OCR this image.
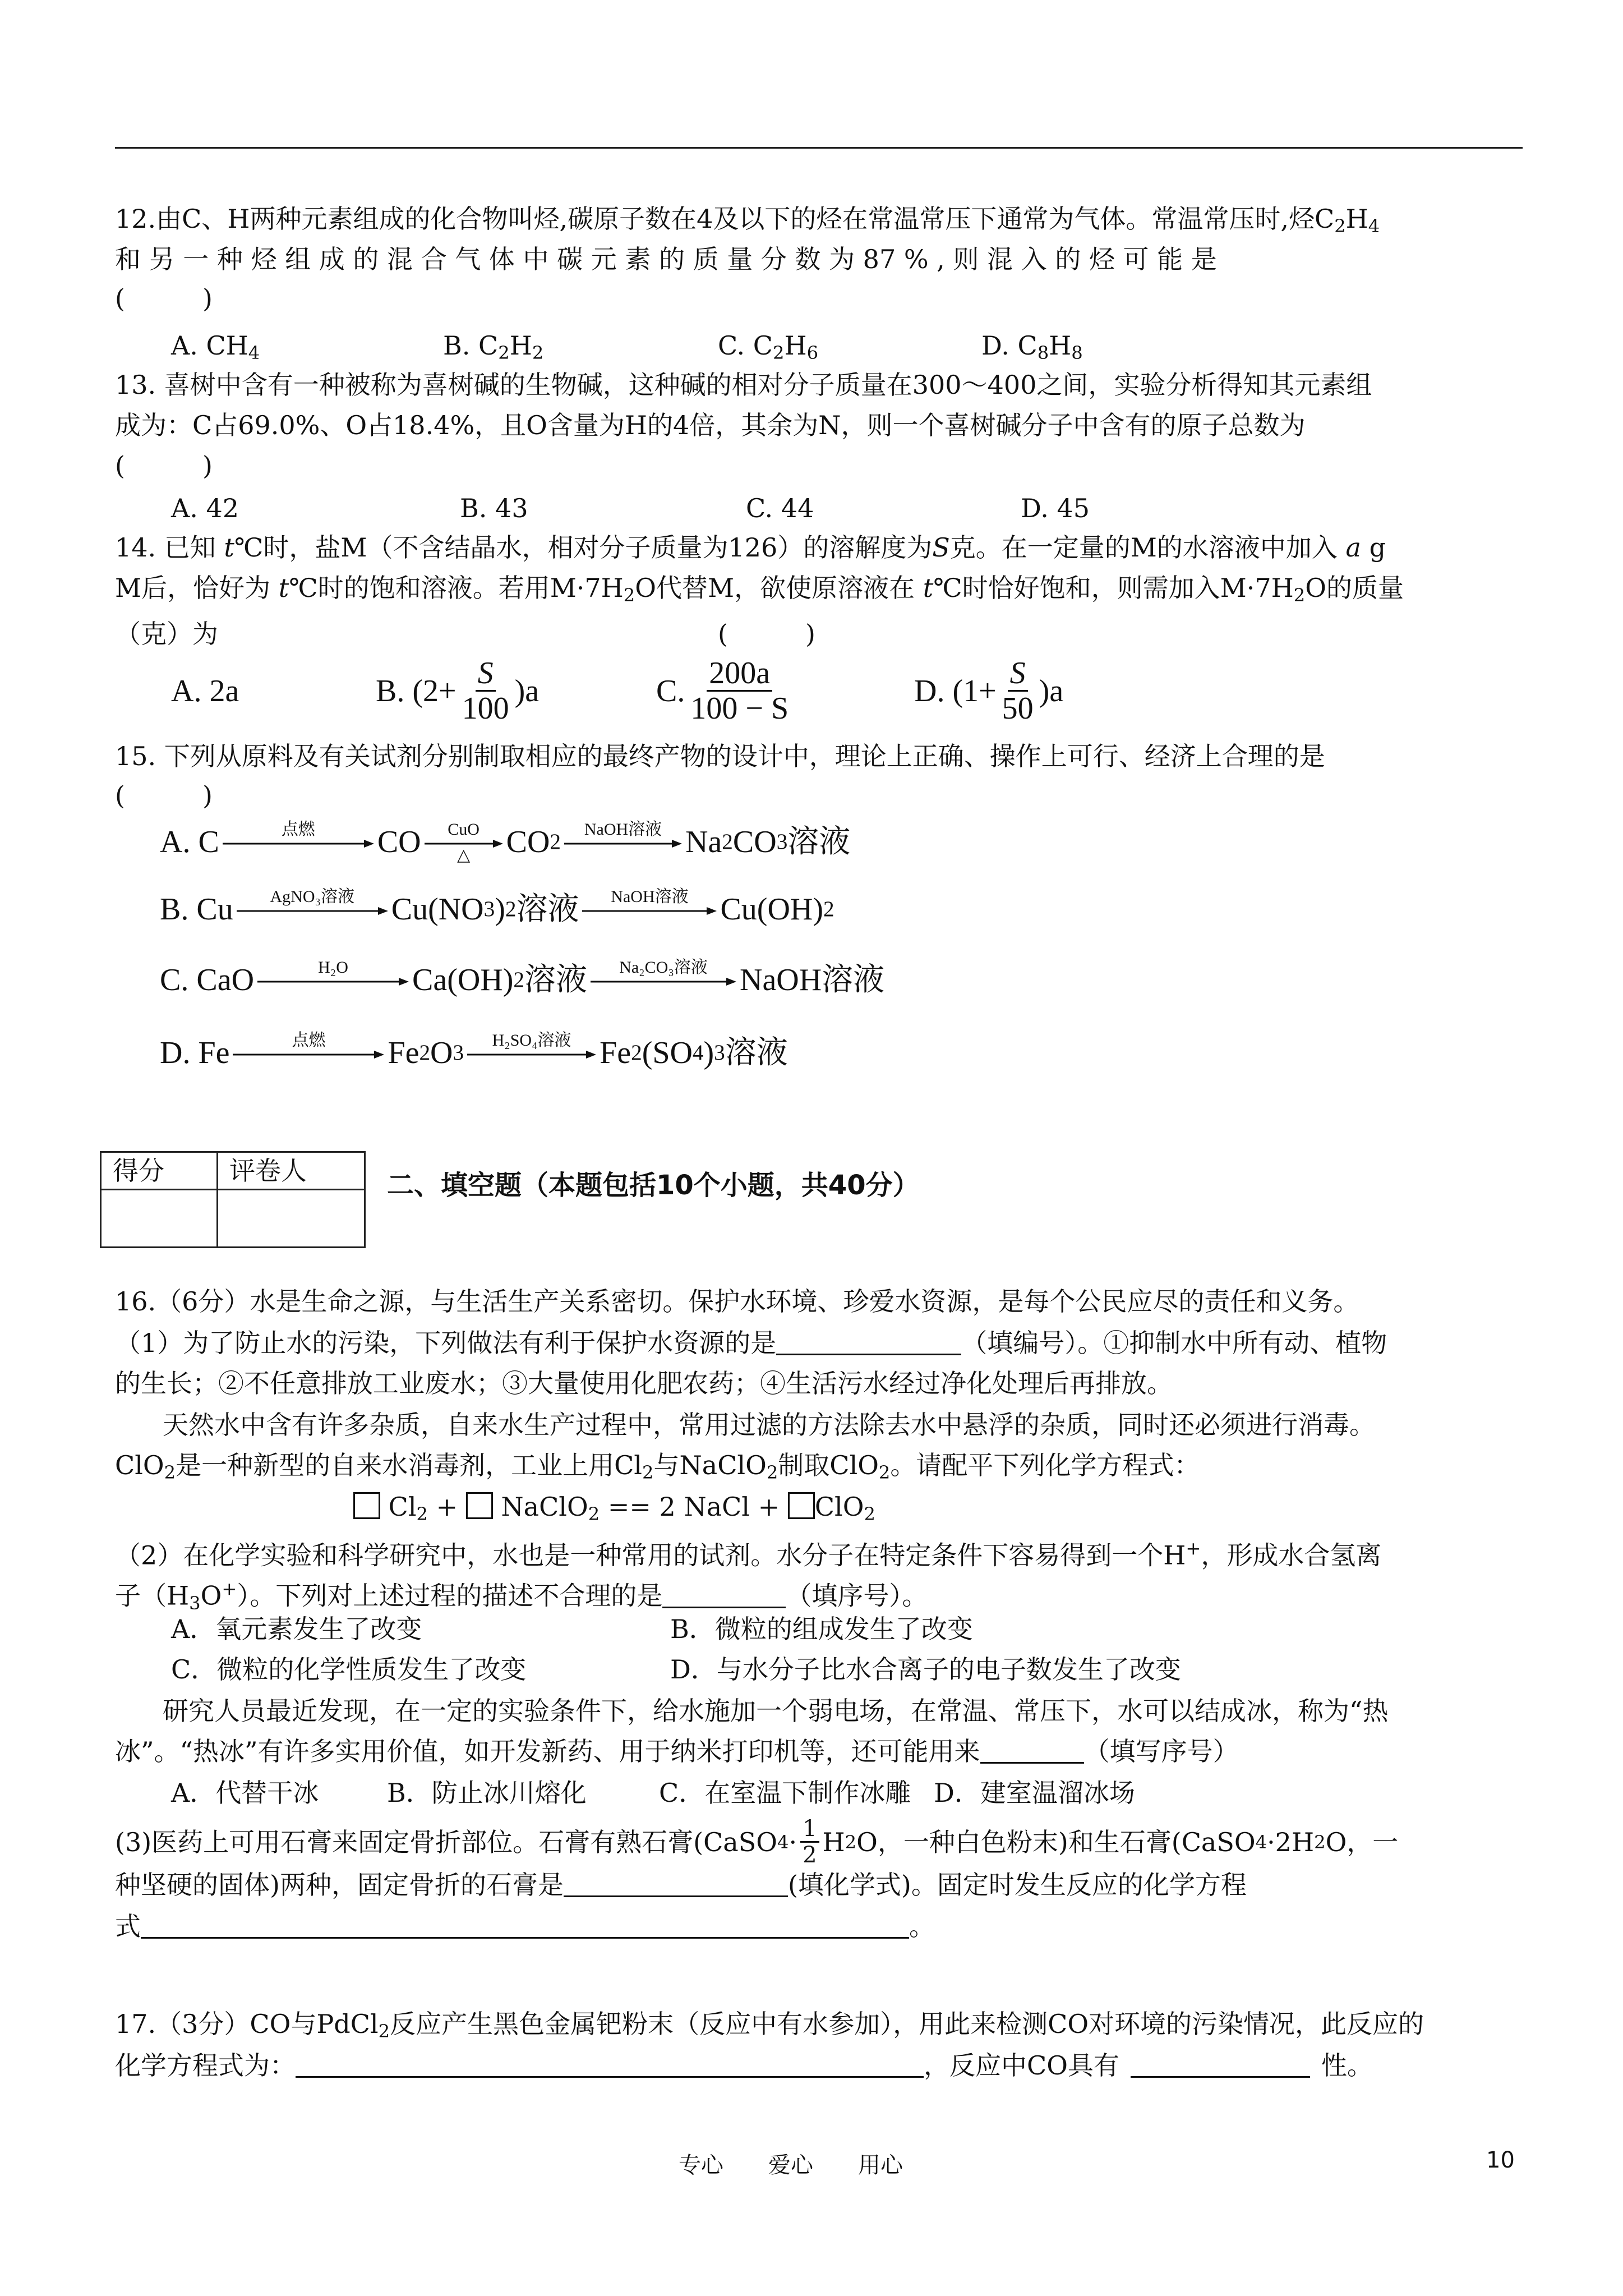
12.由C、H两种元素组成的化合物叫烃,碳原子数在4及以下的烃在常温常压下通常为气体。常温常压时,烃$C_2H_4$
和 另 一 种 烃 组 成 的 混 合 气 体 中 碳 元 素 的 质 量 分 数 为 87 % , 则 混 入 的 烃 可 能 是
(　　　)
A. $CH_4$	B. $C_2H_2$	C. $C_2H_6$	D. $C_8H_8$
13. 喜树中含有一种被称为喜树碱的生物碱，这种碱的相对分子质量在300～400之间，实验分析得知其元素组
成为：C占69.0%、O占18.4%，且O含量为H的4倍，其余为N，则一个喜树碱分子中含有的原子总数为
(　　　)
A. 42	B. 43	C. 44	D. 45
14. 已知 t℃时，盐M（不含结晶水，相对分子质量为126）的溶解度为S克。在一定量的M的水溶液中加入 a g
M后，恰好为 t℃时的饱和溶液。若用$M\cdot 7H_2O$代替M，欲使原溶液在 t℃时恰好饱和，则需加入$M\cdot 7H_2O$的质量
（克）为	(　　　)
A. 2a	B. $(2+ \frac{S}{100} )a$	C. $\frac{200a}{100 - S}$	D. $(1+ \frac{S}{50} )a$
15. 下列从原料及有关试剂分别制取相应的最终产物的设计中，理论上正确、操作上可行、经济上合理的是
(　　　)
A.
C	点燃	CO	CuO
△	CO 2
NaOH溶液 Na 2 CO 3 溶液
B.
Cu	AgNO₃溶液	Cu(NO 3 ) 2 溶液	NaOH溶液	Cu(OH) 2
C.
CaO	H₂O	Ca(OH) 2 溶液	Na₂CO₃溶液	NaOH溶液
D.
Fe	点燃	Fe 2 O 3
H₂SO₄溶液 Fe 2 (SO 4 ) 3 溶液
得分	评卷人
		二、填空题（本题包括10个小题，共40分）
16.（6分）水是生命之源，与生活生产关系密切。保护水环境、珍爱水资源，是每个公民应尽的责任和义务。
（1）为了防止水的污染，下列做法有利于保护水资源的是	（填编号）。①抑制水中所有动、植物
的生长；②不任意排放工业废水；③大量使用化肥农药；④生活污水经过净化处理后再排放。
天然水中含有许多杂质，自来水生产过程中，常用过滤的方法除去水中悬浮的杂质，同时还必须进行消毒。
ClO$_2$是一种新型的自来水消毒剂，工业上用$Cl_2$与NaClO$_2$制取ClO$_2$。请配平下列化学方程式：
$Cl_2$ +  NaClO$_2$ == 2 NaCl + ClO$_2$
（2）在化学实验和科学研究中，水也是一种常用的试剂。水分子在特定条件下容易得到一个H+，形成水合氢离
子$(H_3O^+)$。下列对上述过程的描述不合理的是	（填序号）。
A．氧元素发生了改变	B．微粒的组成发生了改变
C．微粒的化学性质发生了改变	D．与水分子比水合离子的电子数发生了改变
研究人员最近发现，在一定的实验条件下，给水施加一个弱电场，在常温、常压下，水可以结成冰，称为“热
冰”。“热冰”有许多实用价值，如开发新药、用于纳米打印机等，还可能用来	（填写序号）
A．代替干冰	B．防止冰川熔化	C．在室温下制作冰雕 D．建室温溜冰场
(3)医药上可用石膏来固定骨折部位。石膏有熟石膏(CaSO $4 \cdot \frac{1}{2}$ H 2 O，一种白色粉末)和生石膏(CaSO 4 ·2H 2 O，一
种坚硬的固体)两种，固定骨折的石膏是	(填化学式)。固定时发生反应的化学方程
式	。
17.（3分）CO与PdCl$_2$反应产生黑色金属钯粉末（反应中有水参加），用此来检测CO对环境的污染情况，此反应的
化学方程式为：	，反应中CO具有	性。
专心　　爱心　　用心	10
